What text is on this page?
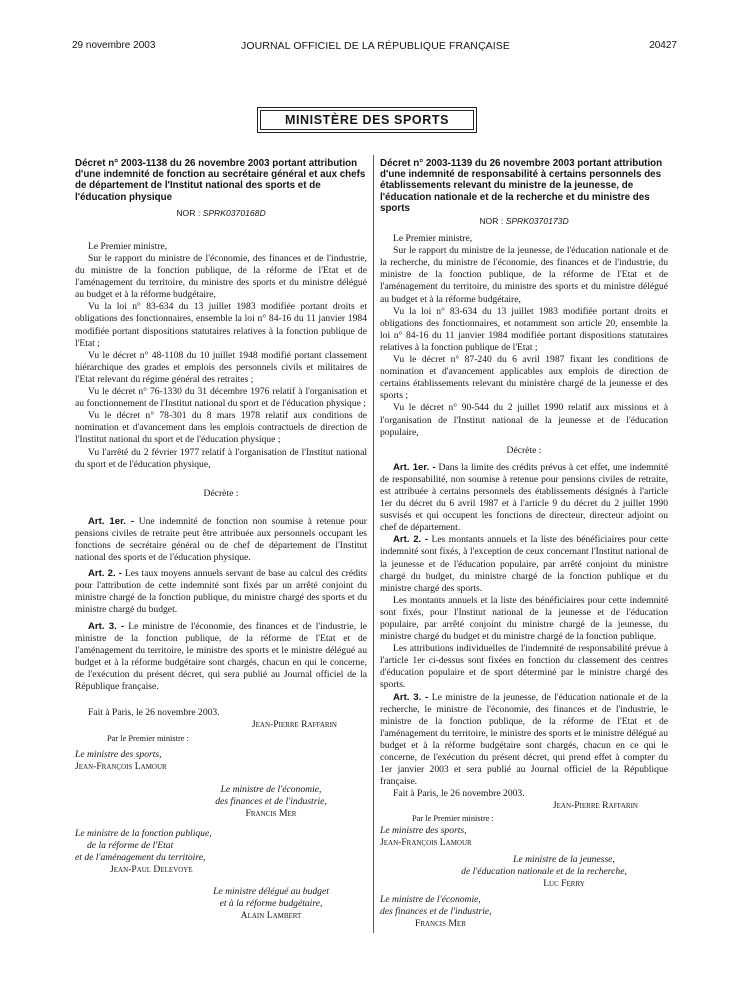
29 novembre 2003	JOURNAL OFFICIEL DE LA RÉPUBLIQUE FRANÇAISE	20427
MINISTÈRE DES SPORTS
Décret n° 2003-1138 du 26 novembre 2003 portant attribution d'une indemnité de fonction au secrétaire général et aux chefs de département de l'Institut national des sports et de l'éducation physique
NOR : SPRK0370168D

Le Premier ministre,

Sur le rapport du ministre de l'économie, des finances et de l'industrie, du ministre de la fonction publique, de la réforme de l'Etat et de l'aménagement du territoire, du ministre des sports et du ministre délégué au budget et à la réforme budgétaire,

Vu la loi n° 83-634 du 13 juillet 1983 modifiée portant droits et obligations des fonctionnaires, ensemble la loi n° 84-16 du 11 janvier 1984 modifiée portant dispositions statutaires relatives à la fonction publique de l'Etat ;

Vu le décret n° 48-1108 du 10 juillet 1948 modifié portant classement hiérarchique des grades et emplois des personnels civils et militaires de l'Etat relevant du régime général des retraites ;

Vu le décret n° 76-1330 du 31 décembre 1976 relatif à l'organisation et au fonctionnement de l'Institut national du sport et de l'éducation physique ;

Vu le décret n° 78-301 du 8 mars 1978 relatif aux conditions de nomination et d'avancement dans les emplois contractuels de direction de l'Institut national du sport et de l'éducation physique ;

Vu l'arrêté du 2 février 1977 relatif à l'organisation de l'Institut national du sport et de l'éducation physique,

Décrète :

Art. 1er. - Une indemnité de fonction non soumise à retenue pour pensions civiles de retraite peut être attribuée aux personnels occupant les fonctions de secrétaire général ou de chef de département de l'Institut national des sports et de l'éducation physique.

Art. 2. - Les taux moyens annuels servant de base au calcul des crédits pour l'attribution de cette indemnité sont fixés par un arrêté conjoint du ministre chargé de la fonction publique, du ministre chargé des sports et du ministre chargé du budget.

Art. 3. - Le ministre de l'économie, des finances et de l'industrie, le ministre de la fonction publique, de la réforme de l'Etat et de l'aménagement du territoire, le ministre des sports et le ministre délégué au budget et à la réforme budgétaire sont chargés, chacun en qui le concerne, de l'exécution du présent décret, qui sera publié au Journal officiel de la République française.

Fait à Paris, le 26 novembre 2003.

Jean-Pierre Raffarin
Par le Premier ministre :
Le ministre des sports,
Jean-François Lamour
Le ministre de l'économie,
des finances et de l'industrie,
Francis Mer
Le ministre de la fonction publique,
de la réforme de l'Etat
et de l'aménagement du territoire,
Jean-Paul Delevoye
Le ministre délégué au budget
et à la réforme budgétaire,
Alain Lambert
Décret n° 2003-1139 du 26 novembre 2003 portant attribution d'une indemnité de responsabilité à certains personnels des établissements relevant du ministre de la jeunesse, de l'éducation nationale et de la recherche et du ministre des sports
NOR : SPRK0370173D

Le Premier ministre,

Sur le rapport du ministre de la jeunesse, de l'éducation nationale et de la recherche, du ministre de l'économie, des finances et de l'industrie, du ministre de la fonction publique, de la réforme de l'Etat et de l'aménagement du territoire, du ministre des sports et du ministre délégué au budget et à la réforme budgétaire,

Vu la loi n° 83-634 du 13 juillet 1983 modifiée portant droits et obligations des fonctionnaires, et notamment son article 20, ensemble la loi n° 84-16 du 11 janvier 1984 modifiée portant dispositions statutaires relatives à la fonction publique de l'Etat ;

Vu le décret n° 87-240 du 6 avril 1987 fixant les conditions de nomination et d'avancement applicables aux emplois de direction de certains établissements relevant du ministère chargé de la jeunesse et des sports ;

Vu le décret n° 90-544 du 2 juillet 1990 relatif aux missions et à l'organisation de l'Institut national de la jeunesse et de l'éducation populaire,

Décrète :

Art. 1er. - Dans la limite des crédits prévus à cet effet, une indemnité de responsabilité, non soumise à retenue pour pensions civiles de retraite, est attribuée à certains personnels des établissements désignés à l'article 1er du décret du 6 avril 1987 et à l'article 9 du décret du 2 juillet 1990 susvisés et qui occupent les fonctions de directeur, directeur adjoint ou chef de département.

Art. 2. - Les montants annuels et la liste des bénéficiaires pour cette indemnité sont fixés, à l'exception de ceux concernant l'Institut national de la jeunesse et de l'éducation populaire, par arrêté conjoint du ministre chargé du budget, du ministre chargé de la fonction publique et du ministre chargé des sports.

Les montants annuels et la liste des bénéficiaires pour cette indemnité sont fixés, pour l'Institut national de la jeunesse et de l'éducation populaire, par arrêté conjoint du ministre chargé de la jeunesse, du ministre chargé du budget et du ministre chargé de la fonction publique.

Les attributions individuelles de l'indemnité de responsabilité prévue à l'article 1er ci-dessus sont fixées en fonction du classement des centres d'éducation populaire et de sport déterminé par le ministre chargé des sports.

Art. 3. - Le ministre de la jeunesse, de l'éducation nationale et de la recherche, le ministre de l'économie, des finances et de l'industrie, le ministre de la fonction publique, de la réforme de l'Etat et de l'aménagement du territoire, le ministre des sports et le ministre délégué au budget et à la réforme budgétaire sont chargés, chacun en ce qui le concerne, de l'exécution du présent décret, qui prend effet à compter du 1er janvier 2003 et sera publié au Journal officiel de la République française.

Fait à Paris, le 26 novembre 2003.

Jean-Pierre Raffarin
Par le Premier ministre :
Le ministre des sports,
Jean-François Lamour
Le ministre de la jeunesse,
de l'éducation nationale et de la recherche,
Luc Ferry
Le ministre de l'économie,
des finances et de l'industrie,
Francis Mer
